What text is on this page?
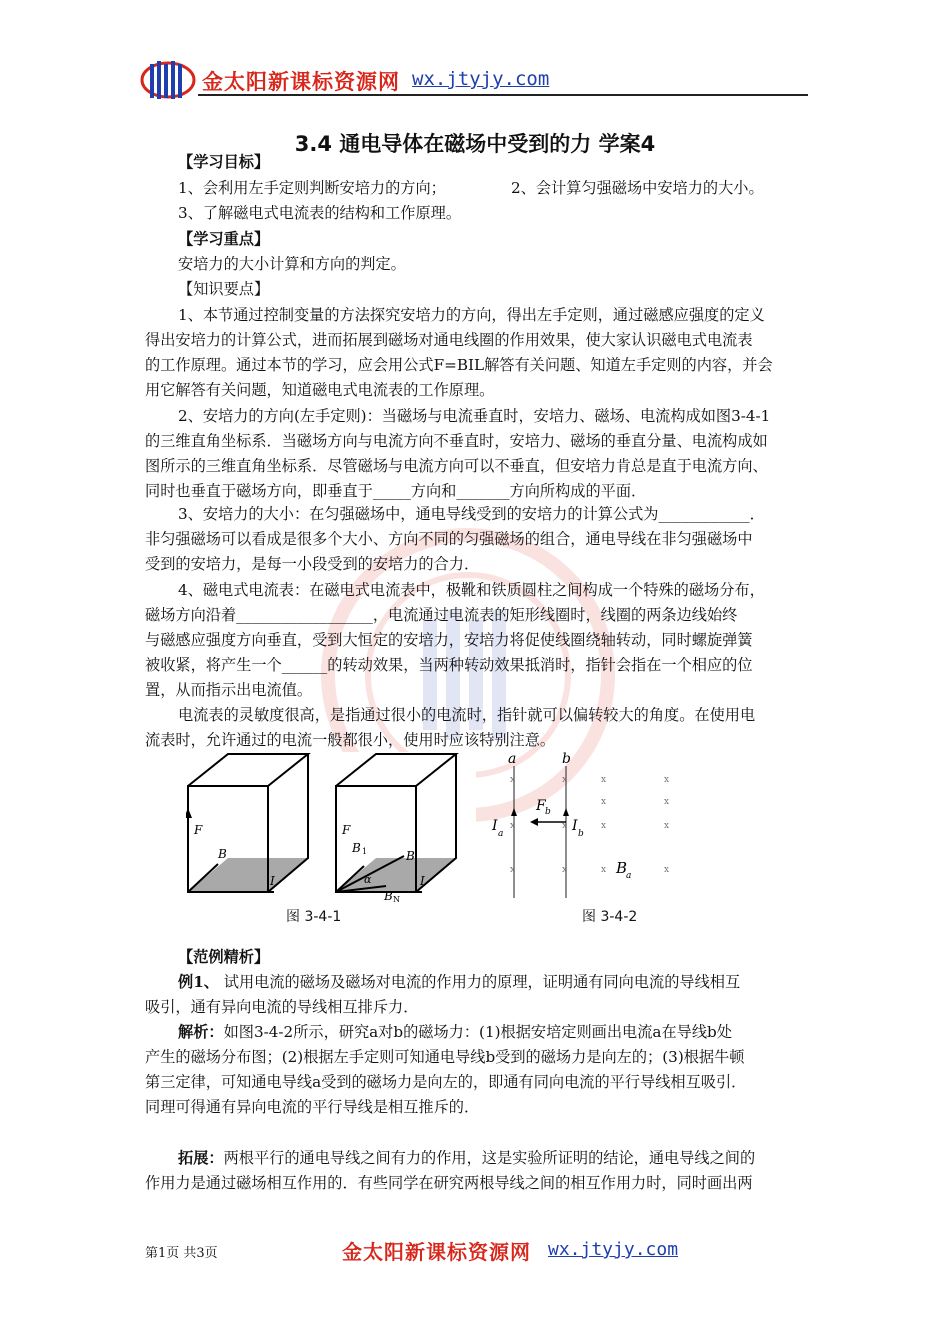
金太阳新课标资源网 wx.jtyjy.com
3.4 通电导体在磁场中受到的力 学案4
【学习目标】
1、会利用左手定则判断安培力的方向；	2、会计算匀强磁场中安培力的大小。
3、了解磁电式电流表的结构和工作原理。
【学习重点】
安培力的大小计算和方向的判定。
【知识要点】
1、本节通过控制变量的方法探究安培力的方向，得出左手定则，通过磁感应强度的定义
得出安培力的计算公式，进而拓展到磁场对通电线圈的作用效果，使大家认识磁电式电流表
的工作原理。通过本节的学习，应会用公式F=BIL解答有关问题、知道左手定则的内容，并会
用它解答有关问题，知道磁电式电流表的工作原理。
2、安培力的方向(左手定则)：当磁场与电流垂直时，安培力、磁场、电流构成如图3-4-1
的三维直角坐标系．当磁场方向与电流方向不垂直时，安培力、磁场的垂直分量、电流构成如
图所示的三维直角坐标系．尽管磁场与电流方向可以不垂直，但安培力肯总是直于电流方向、
同时也垂直于磁场方向，即垂直于_____方向和_______方向所构成的平面．
3、安培力的大小：在匀强磁场中，通电导线受到的安培力的计算公式为____________．
非匀强磁场可以看成是很多个大小、方向不同的匀强磁场的组合，通电导线在非匀强磁场中
受到的安培力，是每一小段受到的安培力的合力．
4、磁电式电流表：在磁电式电流表中，极靴和铁质圆柱之间构成一个特殊的磁场分布，
磁场方向沿着__________________，电流通过电流表的矩形线圈时，线圈的两条边线始终
与磁感应强度方向垂直，受到大恒定的安培力，安培力将促使线圈绕轴转动，同时螺旋弹簧
被收紧，将产生一个______的转动效果，当两种转动效果抵消时，指针会指在一个相应的位
置，从而指示出电流值。
电流表的灵敏度很高，是指通过很小的电流时，指针就可以偏转较大的角度。在使用电
流表时，允许通过的电流一般都很小，使用时应该特别注意。
F
B
I
F
B 1	B
α	I
B N
图 3-4-1
a	b
F b
I a	I b
B
a
x	x	x	x
x	x
x	x	x	x
x	x	x	x
图 3-4-2
【范例精析】
例1、 试用电流的磁场及磁场对电流的作用力的原理，证明通有同向电流的导线相互
吸引，通有异向电流的导线相互排斥力．
解析：如图3-4-2所示，研究a对b的磁场力：(1)根据安培定则画出电流a在导线b处
产生的磁场分布图；(2)根据左手定则可知通电导线b受到的磁场力是向左的；(3)根据牛顿
第三定律，可知通电导线a受到的磁场力是向左的，即通有同向电流的平行导线相互吸引．
同理可得通有异向电流的平行导线是相互推斥的．
拓展：两根平行的通电导线之间有力的作用，这是实验所证明的结论，通电导线之间的
作用力是通过磁场相互作用的．有些同学在研究两根导线之间的相互作用力时，同时画出两
第1页 共3页	金太阳新课标资源网 wx.jtyjy.com
